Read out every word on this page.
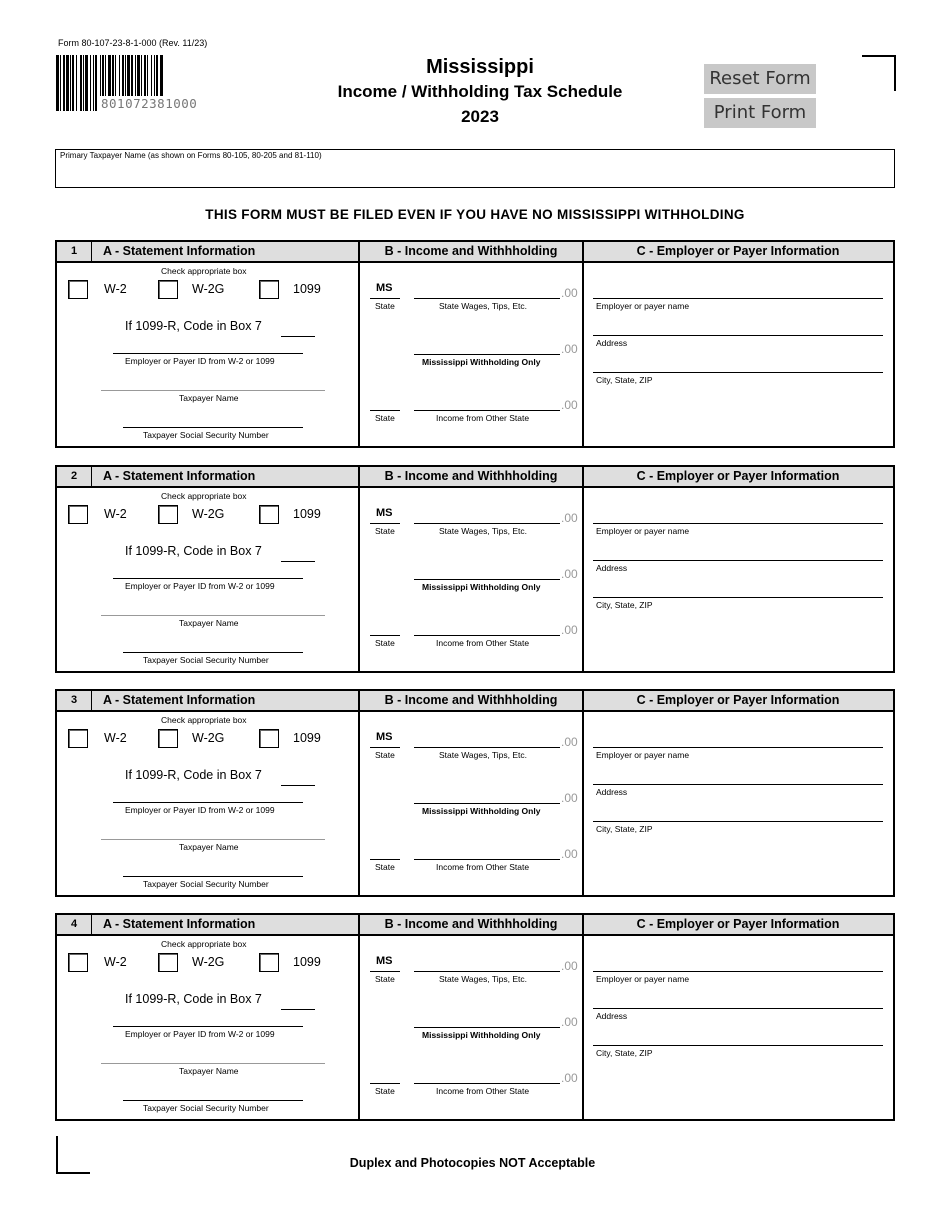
Form 80-107-23-8-1-000 (Rev. 11/23)
801072381000
Mississippi
Income / Withholding Tax Schedule
2023
Reset Form
Print Form
Primary Taxpayer Name (as shown on Forms 80-105, 80-205 and 81-110)
THIS FORM MUST BE FILED EVEN IF YOU HAVE NO MISSISSIPPI WITHHOLDING
1	A - Statement Information	B - Income and Withhholding	C - Employer or Payer Information
Check appropriate box
W-2	W-2G	1099
If 1099-R, Code in Box 7
Employer or Payer ID from W-2 or 1099
Taxpayer Name
Taxpayer Social Security Number
MS
State
.00
State Wages, Tips, Etc.
.00
Mississippi Withholding Only
State
.00
Income from Other State
Employer or payer name
Address
City, State, ZIP
2	A - Statement Information	B - Income and Withhholding	C - Employer or Payer Information
Check appropriate box
W-2	W-2G	1099
If 1099-R, Code in Box 7
Employer or Payer ID from W-2 or 1099
Taxpayer Name
Taxpayer Social Security Number
MS
State
.00
State Wages, Tips, Etc.
.00
Mississippi Withholding Only
State
.00
Income from Other State
Employer or payer name
Address
City, State, ZIP
3	A - Statement Information	B - Income and Withhholding	C - Employer or Payer Information
Check appropriate box
W-2	W-2G	1099
If 1099-R, Code in Box 7
Employer or Payer ID from W-2 or 1099
Taxpayer Name
Taxpayer Social Security Number
MS
State
.00
State Wages, Tips, Etc.
.00
Mississippi Withholding Only
State
.00
Income from Other State
Employer or payer name
Address
City, State, ZIP
4	A - Statement Information	B - Income and Withhholding	C - Employer or Payer Information
Check appropriate box
W-2	W-2G	1099
If 1099-R, Code in Box 7
Employer or Payer ID from W-2 or 1099
Taxpayer Name
Taxpayer Social Security Number
MS
State
.00
State Wages, Tips, Etc.
.00
Mississippi Withholding Only
State
.00
Income from Other State
Employer or payer name
Address
City, State, ZIP
Duplex and Photocopies NOT Acceptable
